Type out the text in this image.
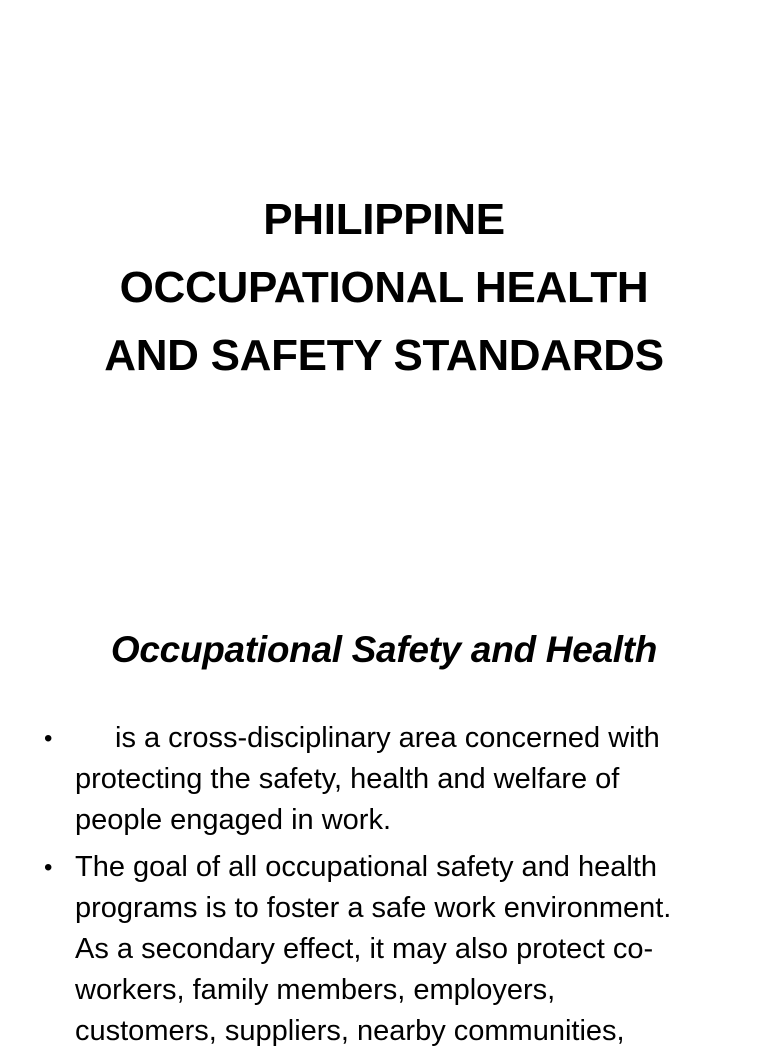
PHILIPPINE
OCCUPATIONAL HEALTH
AND SAFETY STANDARDS
Occupational Safety and Health
•	is a cross-disciplinary area concerned with
protecting the safety, health and welfare of
people engaged in work.
• The goal of all occupational safety and health
programs is to foster a safe work environment.
As a secondary effect, it may also protect co-
workers, family members, employers,
customers, suppliers, nearby communities,
